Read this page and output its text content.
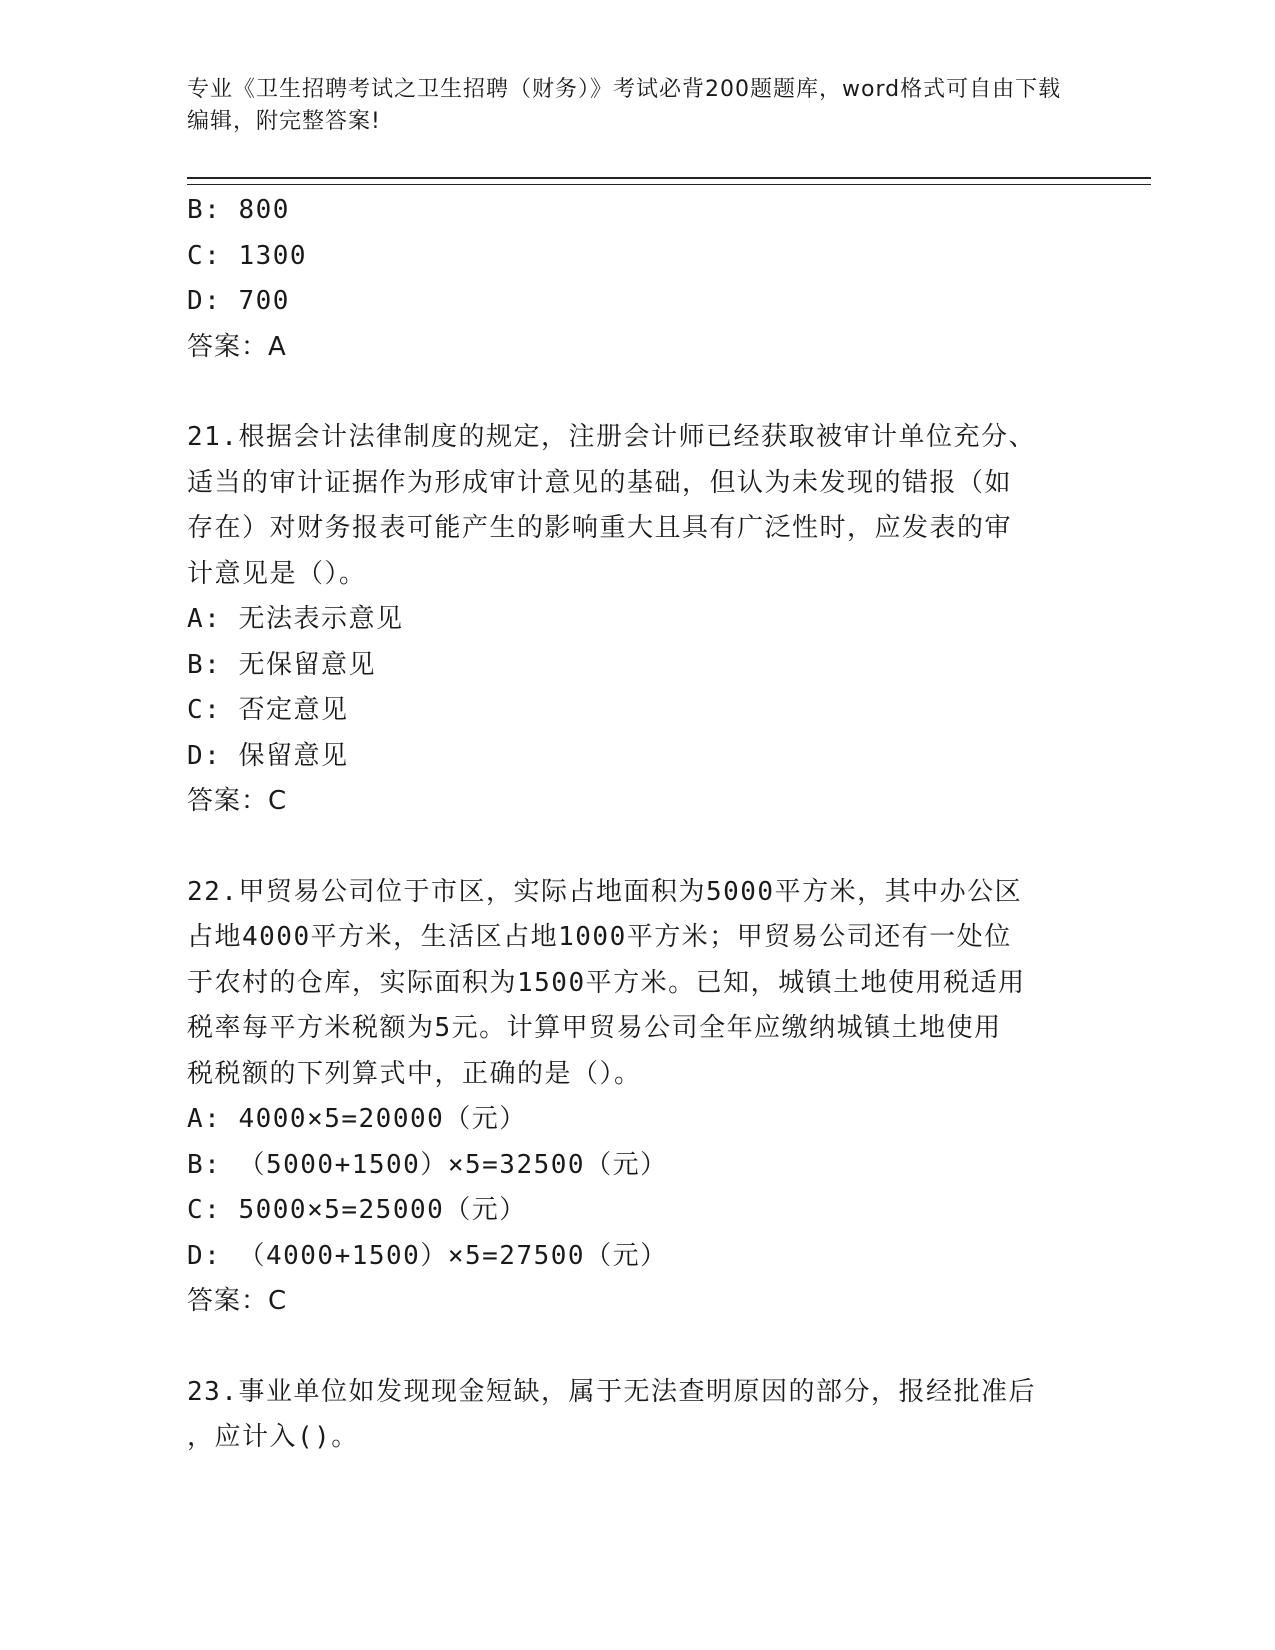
专业《卫生招聘考试之卫生招聘（财务）》考试必背200题题库，word格式可自由下载编辑，附完整答案!

B: 800

C: 1300

D: 700

答案：A

21.根据会计法律制度的规定，注册会计师已经获取被审计单位充分、

适当的审计证据作为形成审计意见的基础，但认为未发现的错报（如

存在）对财务报表可能产生的影响重大且具有广泛性时，应发表的审

计意见是（）。

A: 无法表示意见

B: 无保留意见

C: 否定意见

D: 保留意见

答案：C

22.甲贸易公司位于市区，实际占地面积为5000平方米，其中办公区

占地4000平方米，生活区占地1000平方米；甲贸易公司还有一处位

于农村的仓库，实际面积为1500平方米。已知，城镇土地使用税适用

税率每平方米税额为5元。计算甲贸易公司全年应缴纳城镇土地使用

税税额的下列算式中，正确的是（）。

A: 4000×5=20000（元）

B: （5000+1500）×5=32500（元）

C: 5000×5=25000（元）

D: （4000+1500）×5=27500（元）

答案：C

23.事业单位如发现现金短缺，属于无法查明原因的部分，报经批准后

，应计入()。
